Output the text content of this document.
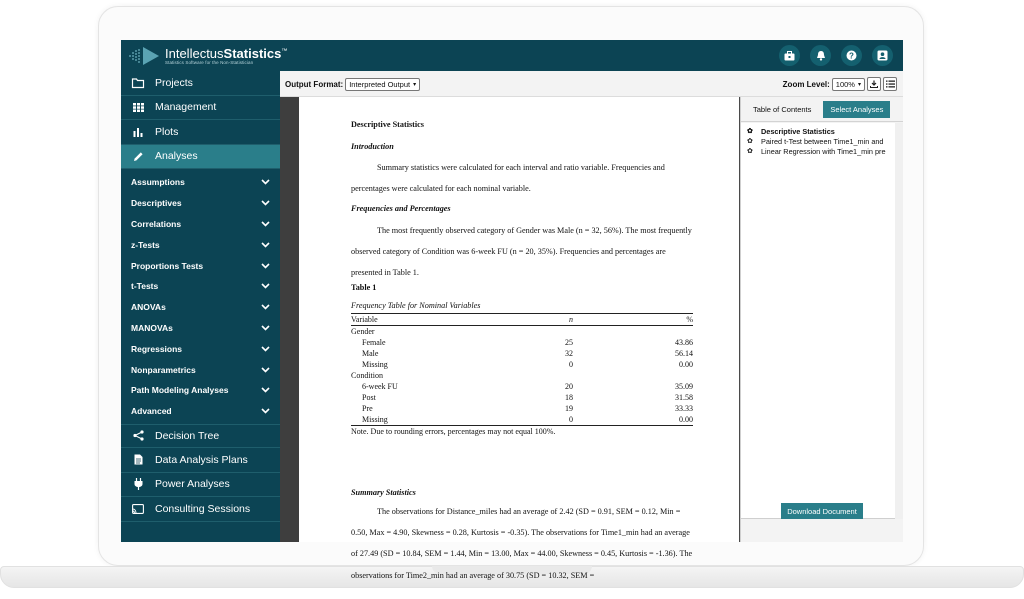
IntellectusStatistics™
Statistics Software for the Non-Statistician
?
Projects
Management
Plots
Analyses
Assumptions
Descriptives
Correlations
z-Tests
Proportions Tests
t-Tests
ANOVAs
MANOVAs
Regressions
Nonparametrics
Path Modeling Analyses
Advanced
Decision Tree
Data Analysis Plans
Power Analyses
Consulting Sessions
Output Format: Interpreted Output ▾	Zoom Level: 100% ▾
Descriptive Statistics
Introduction
Summary statistics were calculated for each interval and ratio variable. Frequencies and percentages were calculated for each nominal variable.
Frequencies and Percentages
The most frequently observed category of Gender was Male (n = 32, 56%). The most frequently observed category of Condition was 6-week FU (n = 20, 35%). Frequencies and percentages are presented in Table 1.
Table 1
Frequency Table for Nominal Variables
Variable	n	%
Gender
Female	25	43.86
Male	32	56.14
Missing	0	0.00
Condition
6-week FU	20	35.09
Post	18	31.58
Pre	19	33.33
Missing	0	0.00
Note. Due to rounding errors, percentages may not equal 100%.
Summary Statistics
The observations for Distance_miles had an average of 2.42 (SD = 0.91, SEM = 0.12, Min = 0.50, Max = 4.90, Skewness = 0.28, Kurtosis = -0.35). The observations for Time1_min had an average of 27.49 (SD = 10.84, SEM = 1.44, Min = 13.00, Max = 44.00, Skewness = 0.45, Kurtosis = -1.36). The observations for Time2_min had an average of 30.75 (SD = 10.32, SEM =
Table of Contents	Select Analyses
✿ Descriptive Statistics
✿ Paired t-Test between Time1_min and
✿ Linear Regression with Time1_min pre
Download Document
